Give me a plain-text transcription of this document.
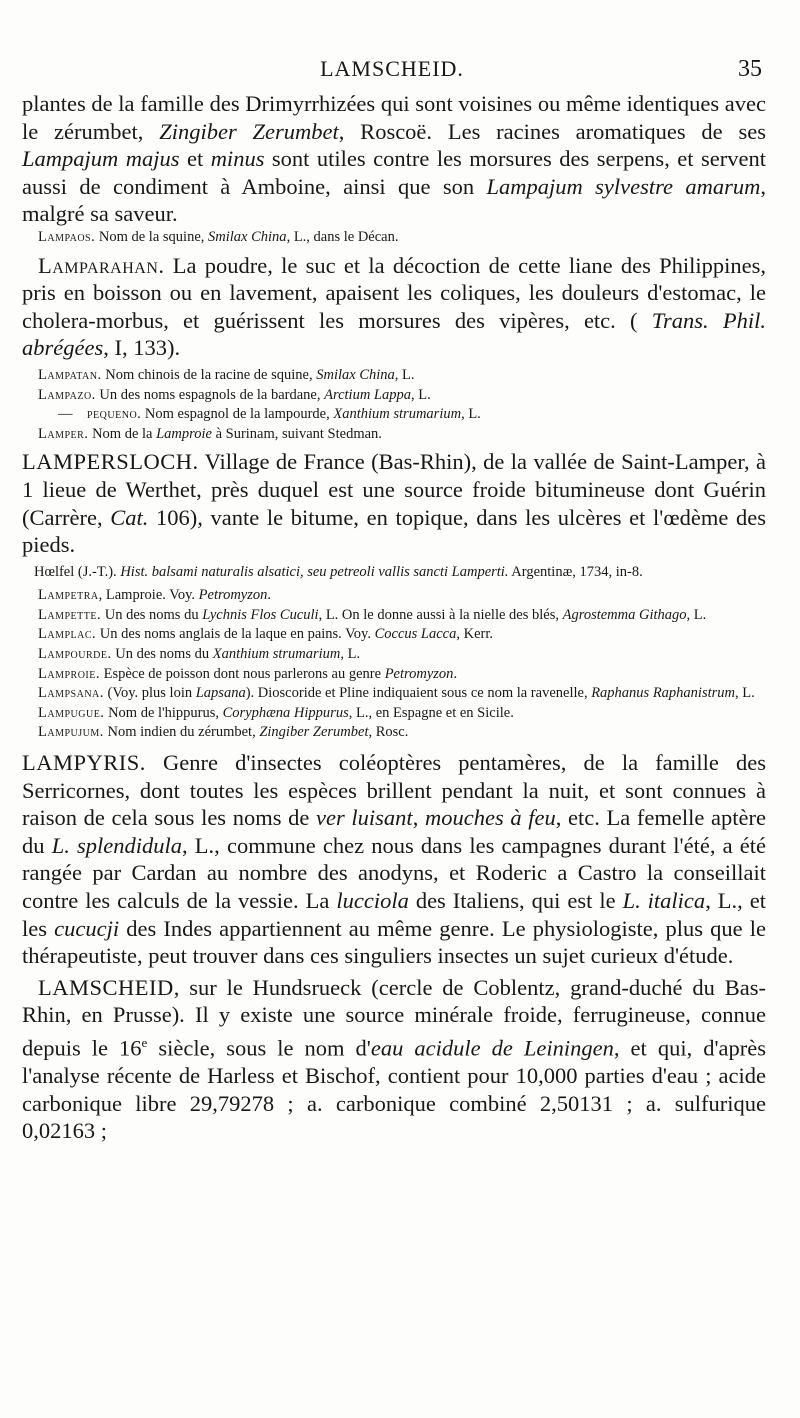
LAMSCHEID.	35

plantes de la famille des Drimyrrhizées qui sont voisines ou même identiques avec le zérumbet, Zingiber Zerumbet, Roscoë. Les racines aromatiques de ses Lampajum majus et minus sont utiles contre les morsures des serpens, et servent aussi de condiment à Amboine, ainsi que son Lampajum sylvestre amarum, malgré sa saveur.

Lampaos. Nom de la squine, Smilax China, L., dans le Décan.

Lamparahan. La poudre, le suc et la décoction de cette liane des Philippines, pris en boisson ou en lavement, apaisent les coliques, les douleurs d'estomac, le cholera-morbus, et guérissent les morsures des vipères, etc. ( Trans. Phil. abrégées, I, 133).

Lampatan. Nom chinois de la racine de squine, Smilax China, L.

Lampazo. Un des noms espagnols de la bardane, Arctium Lappa, L.

— pequeno. Nom espagnol de la lampourde, Xanthium strumarium, L.

Lamper. Nom de la Lamproie à Surinam, suivant Stedman.

LAMPERSLOCH. Village de France (Bas-Rhin), de la vallée de Saint-Lamper, à 1 lieue de Werthet, près duquel est une source froide bitumineuse dont Guérin (Carrère, Cat. 106), vante le bitume, en topique, dans les ulcères et l'œdème des pieds.

Hœlfel (J.-T.). Hist. balsami naturalis alsatici, seu petreoli vallis sancti Lamperti. Argentinæ, 1734, in-8.

Lampetra, Lamproie. Voy. Petromyzon.

Lampette. Un des noms du Lychnis Flos Cuculi, L. On le donne aussi à la nielle des blés, Agrostemma Githago, L.

Lamplac. Un des noms anglais de la laque en pains. Voy. Coccus Lacca, Kerr.

Lampourde. Un des noms du Xanthium strumarium, L.

Lamproie. Espèce de poisson dont nous parlerons au genre Petromyzon.

Lampsana. (Voy. plus loin Lapsana). Dioscoride et Pline indiquaient sous ce nom la ravenelle, Raphanus Raphanistrum, L.

Lampugue. Nom de l'hippurus, Coryphæna Hippurus, L., en Espagne et en Sicile.

Lampujum. Nom indien du zérumbet, Zingiber Zerumbet, Rosc.

LAMPYRIS. Genre d'insectes coléoptères pentamères, de la famille des Serricornes, dont toutes les espèces brillent pendant la nuit, et sont connues à raison de cela sous les noms de ver luisant, mouches à feu, etc. La femelle aptère du L. splendidula, L., commune chez nous dans les campagnes durant l'été, a été rangée par Cardan au nombre des anodyns, et Roderic a Castro la conseillait contre les calculs de la vessie. La lucciola des Italiens, qui est le L. italica, L., et les cucucji des Indes appartiennent au même genre. Le physiologiste, plus que le thérapeutiste, peut trouver dans ces singuliers insectes un sujet curieux d'étude.

LAMSCHEID, sur le Hundsrueck (cercle de Coblentz, grand-duché du Bas-Rhin, en Prusse). Il y existe une source minérale froide, ferrugineuse, connue depuis le 16e siècle, sous le nom d'eau acidule de Leiningen, et qui, d'après l'analyse récente de Harless et Bischof, contient pour 10,000 parties d'eau ; acide carbonique libre 29,79278 ; a. carbonique combiné 2,50131 ; a. sulfurique 0,02163 ;
